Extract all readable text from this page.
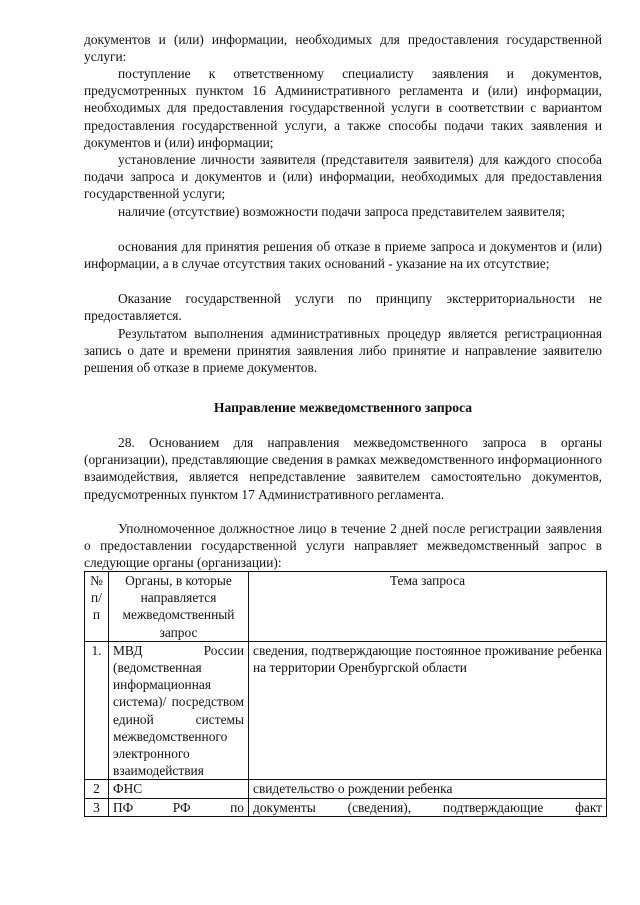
документов и (или) информации, необходимых для предоставления государственной услуги:

поступление к ответственному специалисту заявления и документов, предусмотренных пунктом 16 Административного регламента и (или) информации, необходимых для предоставления государственной услуги в соответствии с вариантом предоставления государственной услуги, а также способы подачи таких заявления и документов и (или) информации;

установление личности заявителя (представителя заявителя) для каждого способа подачи запроса и документов и (или) информации, необходимых для предоставления государственной услуги;

наличие (отсутствие) возможности подачи запроса представителем заявителя;

основания для принятия решения об отказе в приеме запроса и документов и (или) информации, а в случае отсутствия таких оснований - указание на их отсутствие;

Оказание государственной услуги по принципу экстерриториальности не предоставляется.

Результатом выполнения административных процедур является регистрационная запись о дате и времени принятия заявления либо принятие и направление заявителю решения об отказе в приеме документов.

Направление межведомственного запроса

28. Основанием для направления межведомственного запроса в органы (организации), представляющие сведения в рамках межведомственного информационного взаимодействия, является непредставление заявителем самостоятельно документов, предусмотренных пунктом 17 Административного регламента.

Уполномоченное должностное лицо в течение 2 дней после регистрации заявления о предоставлении государственной услуги направляет межведомственный запрос в следующие органы (организации):

№ п/п	Органы, в которые направляется межведомственный запрос	Тема запроса
1.	МВД России (ведомственная информационная система)/ посредством единой системы межведомственного электронного взаимодействия	сведения, подтверждающие постоянное проживание ребенка на территории Оренбургской области
2	ФНС	свидетельство о рождении ребенка
3	ПФ РФ по	документы (сведения), подтверждающие факт
